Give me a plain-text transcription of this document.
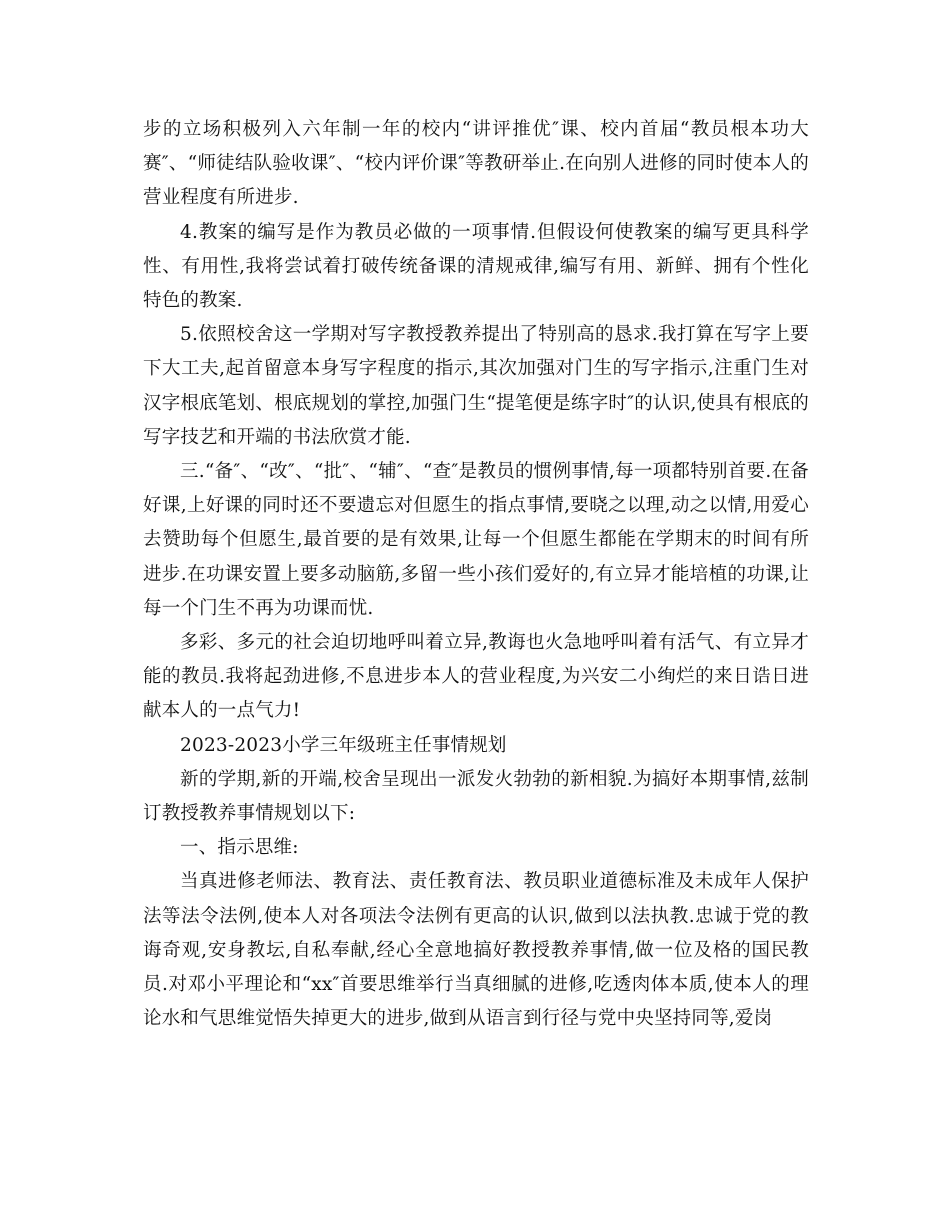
步的立场积极列入六年制一年的校内“讲评推优″课、校内首届“教员根本功大赛″、“师徒结队验收课″、“校内评价课″等教研举止.在向别人进修的同时使本人的营业程度有所进步.

4.教案的编写是作为教员必做的一项事情.但假设何使教案的编写更具科学性、有用性,我将尝试着打破传统备课的清规戒律,编写有用、新鲜、拥有个性化特色的教案.

5.依照校舍这一学期对写字教授教养提出了特别高的恳求.我打算在写字上要下大工夫,起首留意本身写字程度的指示,其次加强对门生的写字指示,注重门生对汉字根底笔划、根底规划的掌控,加强门生“提笔便是练字时″的认识,使具有根底的写字技艺和开端的书法欣赏才能.

三.“备″、“改″、“批″、“辅″、“查″是教员的惯例事情,每一项都特别首要.在备好课,上好课的同时还不要遗忘对但愿生的指点事情,要晓之以理,动之以情,用爱心去赞助每个但愿生,最首要的是有效果,让每一个但愿生都能在学期末的时间有所进步.在功课安置上要多动脑筋,多留一些小孩们爱好的,有立异才能培植的功课,让每一个门生不再为功课而忧.

多彩、多元的社会迫切地呼叫着立异,教诲也火急地呼叫着有活气、有立异才能的教员.我将起劲进修,不息进步本人的营业程度,为兴安二小绚烂的来日诰日进献本人的一点气力!

2023-2023小学三年级班主任事情规划

新的学期,新的开端,校舍呈现出一派发火勃勃的新相貌.为搞好本期事情,兹制订教授教养事情规划以下:

一、指示思维:

当真进修老师法、教育法、责任教育法、教员职业道德标准及未成年人保护法等法令法例,使本人对各项法令法例有更高的认识,做到以法执教.忠诚于党的教诲奇观,安身教坛,自私奉献,经心全意地搞好教授教养事情,做一位及格的国民教员.对邓小平理论和“xx″首要思维举行当真细腻的进修,吃透肉体本质,使本人的理论水和气思维觉悟失掉更大的进步,做到从语言到行径与党中央坚持同等,爱岗
